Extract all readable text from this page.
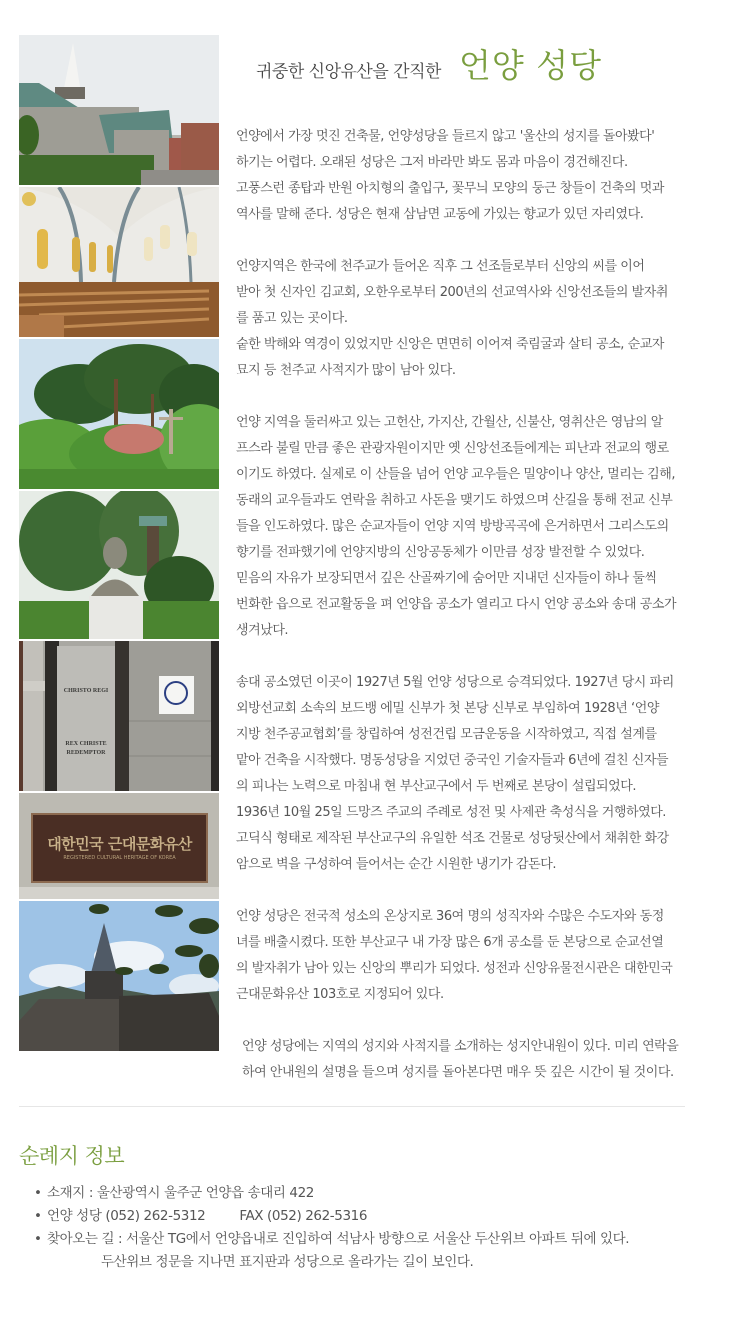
CHRISTO REGI
REX CHRISTE
REDEMPTOR
대한민국 근대문화유산
REGISTERED CULTURAL HERITAGE OF KOREA
귀중한 신앙유산을 간직한 언양 성당
언양에서 가장 멋진 건축물, 언양성당을 들르지 않고 '울산의 성지를 돌아봤다'
하기는 어렵다. 오래된 성당은 그저 바라만 봐도 몸과 마음이 경건해진다.
고풍스런 종탑과 반원 아치형의 출입구, 꽃무늬 모양의 둥근 창들이 건축의 멋과
역사를 말해 준다. 성당은 현재 삼남면 교동에 가있는 향교가 있던 자리였다.
언양지역은 한국에 천주교가 들어온 직후 그 선조들로부터 신앙의 씨를 이어
받아 첫 신자인 김교회, 오한우로부터 200년의 선교역사와 신앙선조들의 발자취
를 품고 있는 곳이다.
숱한 박해와 역경이 있었지만 신앙은 면면히 이어져 죽림굴과 살티 공소, 순교자
묘지 등 천주교 사적지가 많이 남아 있다.
언양 지역을 둘러싸고 있는 고헌산, 가지산, 간월산, 신불산, 영취산은 영남의 알
프스라 불릴 만큼 좋은 관광자원이지만 옛 신앙선조들에게는 피난과 전교의 행로
이기도 하였다. 실제로 이 산들을 넘어 언양 교우들은 밀양이나 양산, 멀리는 김해,
동래의 교우들과도 연락을 취하고 사돈을 맺기도 하였으며 산길을 통해 전교 신부
들을 인도하였다. 많은 순교자들이 언양 지역 방방곡곡에 은거하면서 그리스도의
향기를 전파했기에 언양지방의 신앙공동체가 이만큼 성장 발전할 수 있었다.
믿음의 자유가 보장되면서 깊은 산골짜기에 숨어만 지내던 신자들이 하나 둘씩
번화한 읍으로 전교활동을 펴 언양읍 공소가 열리고 다시 언양 공소와 송대 공소가
생겨났다.
송대 공소였던 이곳이 1927년 5월 언양 성당으로 승격되었다. 1927년 당시 파리
외방선교회 소속의 보드뱅 에밀 신부가 첫 본당 신부로 부임하여 1928년 ‘언양
지방 천주공교협회’를 창립하여 성전건립 모금운동을 시작하였고, 직접 설계를
맡아 건축을 시작했다. 명동성당을 지었던 중국인 기술자들과 6년에 걸친 신자들
의 피나는 노력으로 마침내 현 부산교구에서 두 번째로 본당이 설립되었다.
1936년 10월 25일 드망즈 주교의 주례로 성전 및 사제관 축성식을 거행하였다.
고딕식 형태로 제작된 부산교구의 유일한 석조 건물로 성당뒷산에서 채취한 화강
암으로 벽을 구성하여 들어서는 순간 시원한 냉기가 감돈다.
언양 성당은 전국적 성소의 온상지로 36여 명의 성직자와 수많은 수도자와 동정
녀를 배출시켰다. 또한 부산교구 내 가장 많은 6개 공소를 둔 본당으로 순교선열
의 발자취가 남아 있는 신앙의 뿌리가 되었다. 성전과 신앙유물전시관은 대한민국
근대문화유산 103호로 지정되어 있다.
언양 성당에는 지역의 성지와 사적지를 소개하는 성지안내원이 있다. 미리 연락을
하여 안내원의 설명을 들으며 성지를 돌아본다면 매우 뜻 깊은 시간이 될 것이다.
순례지 정보
• 소재지 : 울산광역시 울주군 언양읍 송대리 422
• 언양 성당 (052) 262-5312	FAX (052) 262-5316
• 찾아오는 길 : 서울산 TG에서 언양읍내로 진입하여 석남사 방향으로 서울산 두산위브 아파트 뒤에 있다.
두산위브 정문을 지나면 표지판과 성당으로 올라가는 길이 보인다.
